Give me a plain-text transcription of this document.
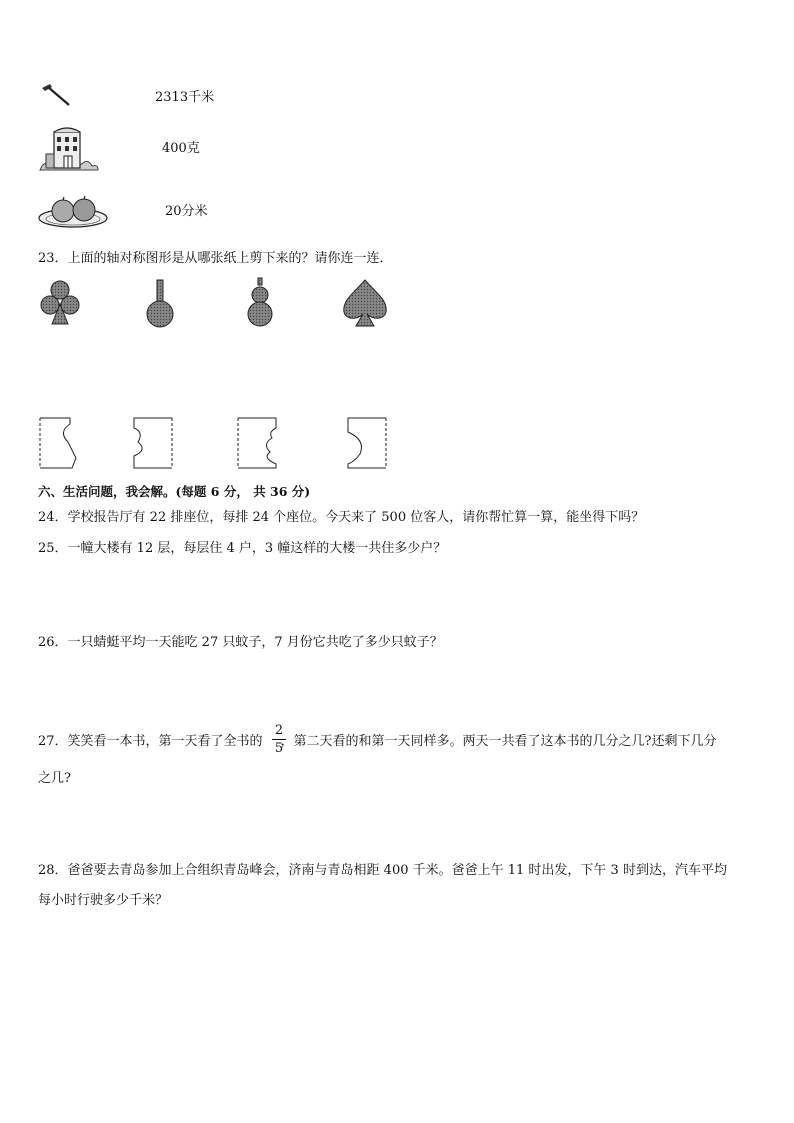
2313千米
400克
20分米
23．上面的轴对称图形是从哪张纸上剪下来的？请你连一连．
六、生活问题，我会解。(每题 6 分， 共 36 分)
24．学校报告厅有 22 排座位，每排 24 个座位。今天来了 500 位客人，请你帮忙算一算，能坐得下吗？
25．一幢大楼有 12 层，每层住 4 户，3 幢这样的大楼一共住多少户？
26．一只蜻蜓平均一天能吃 27 只蚊子，7 月份它共吃了多少只蚊子？
27．笑笑看一本书，第一天看了全书的 ，第二天看的和第一天同样多。两天一共看了这本书的几分之几?还剩下几分
2
5
之几?
28．爸爸要去青岛参加上合组织青岛峰会，济南与青岛相距 400 千米。爸爸上午 11 时出发，下午 3 时到达，汽车平均
每小时行驶多少千米？
